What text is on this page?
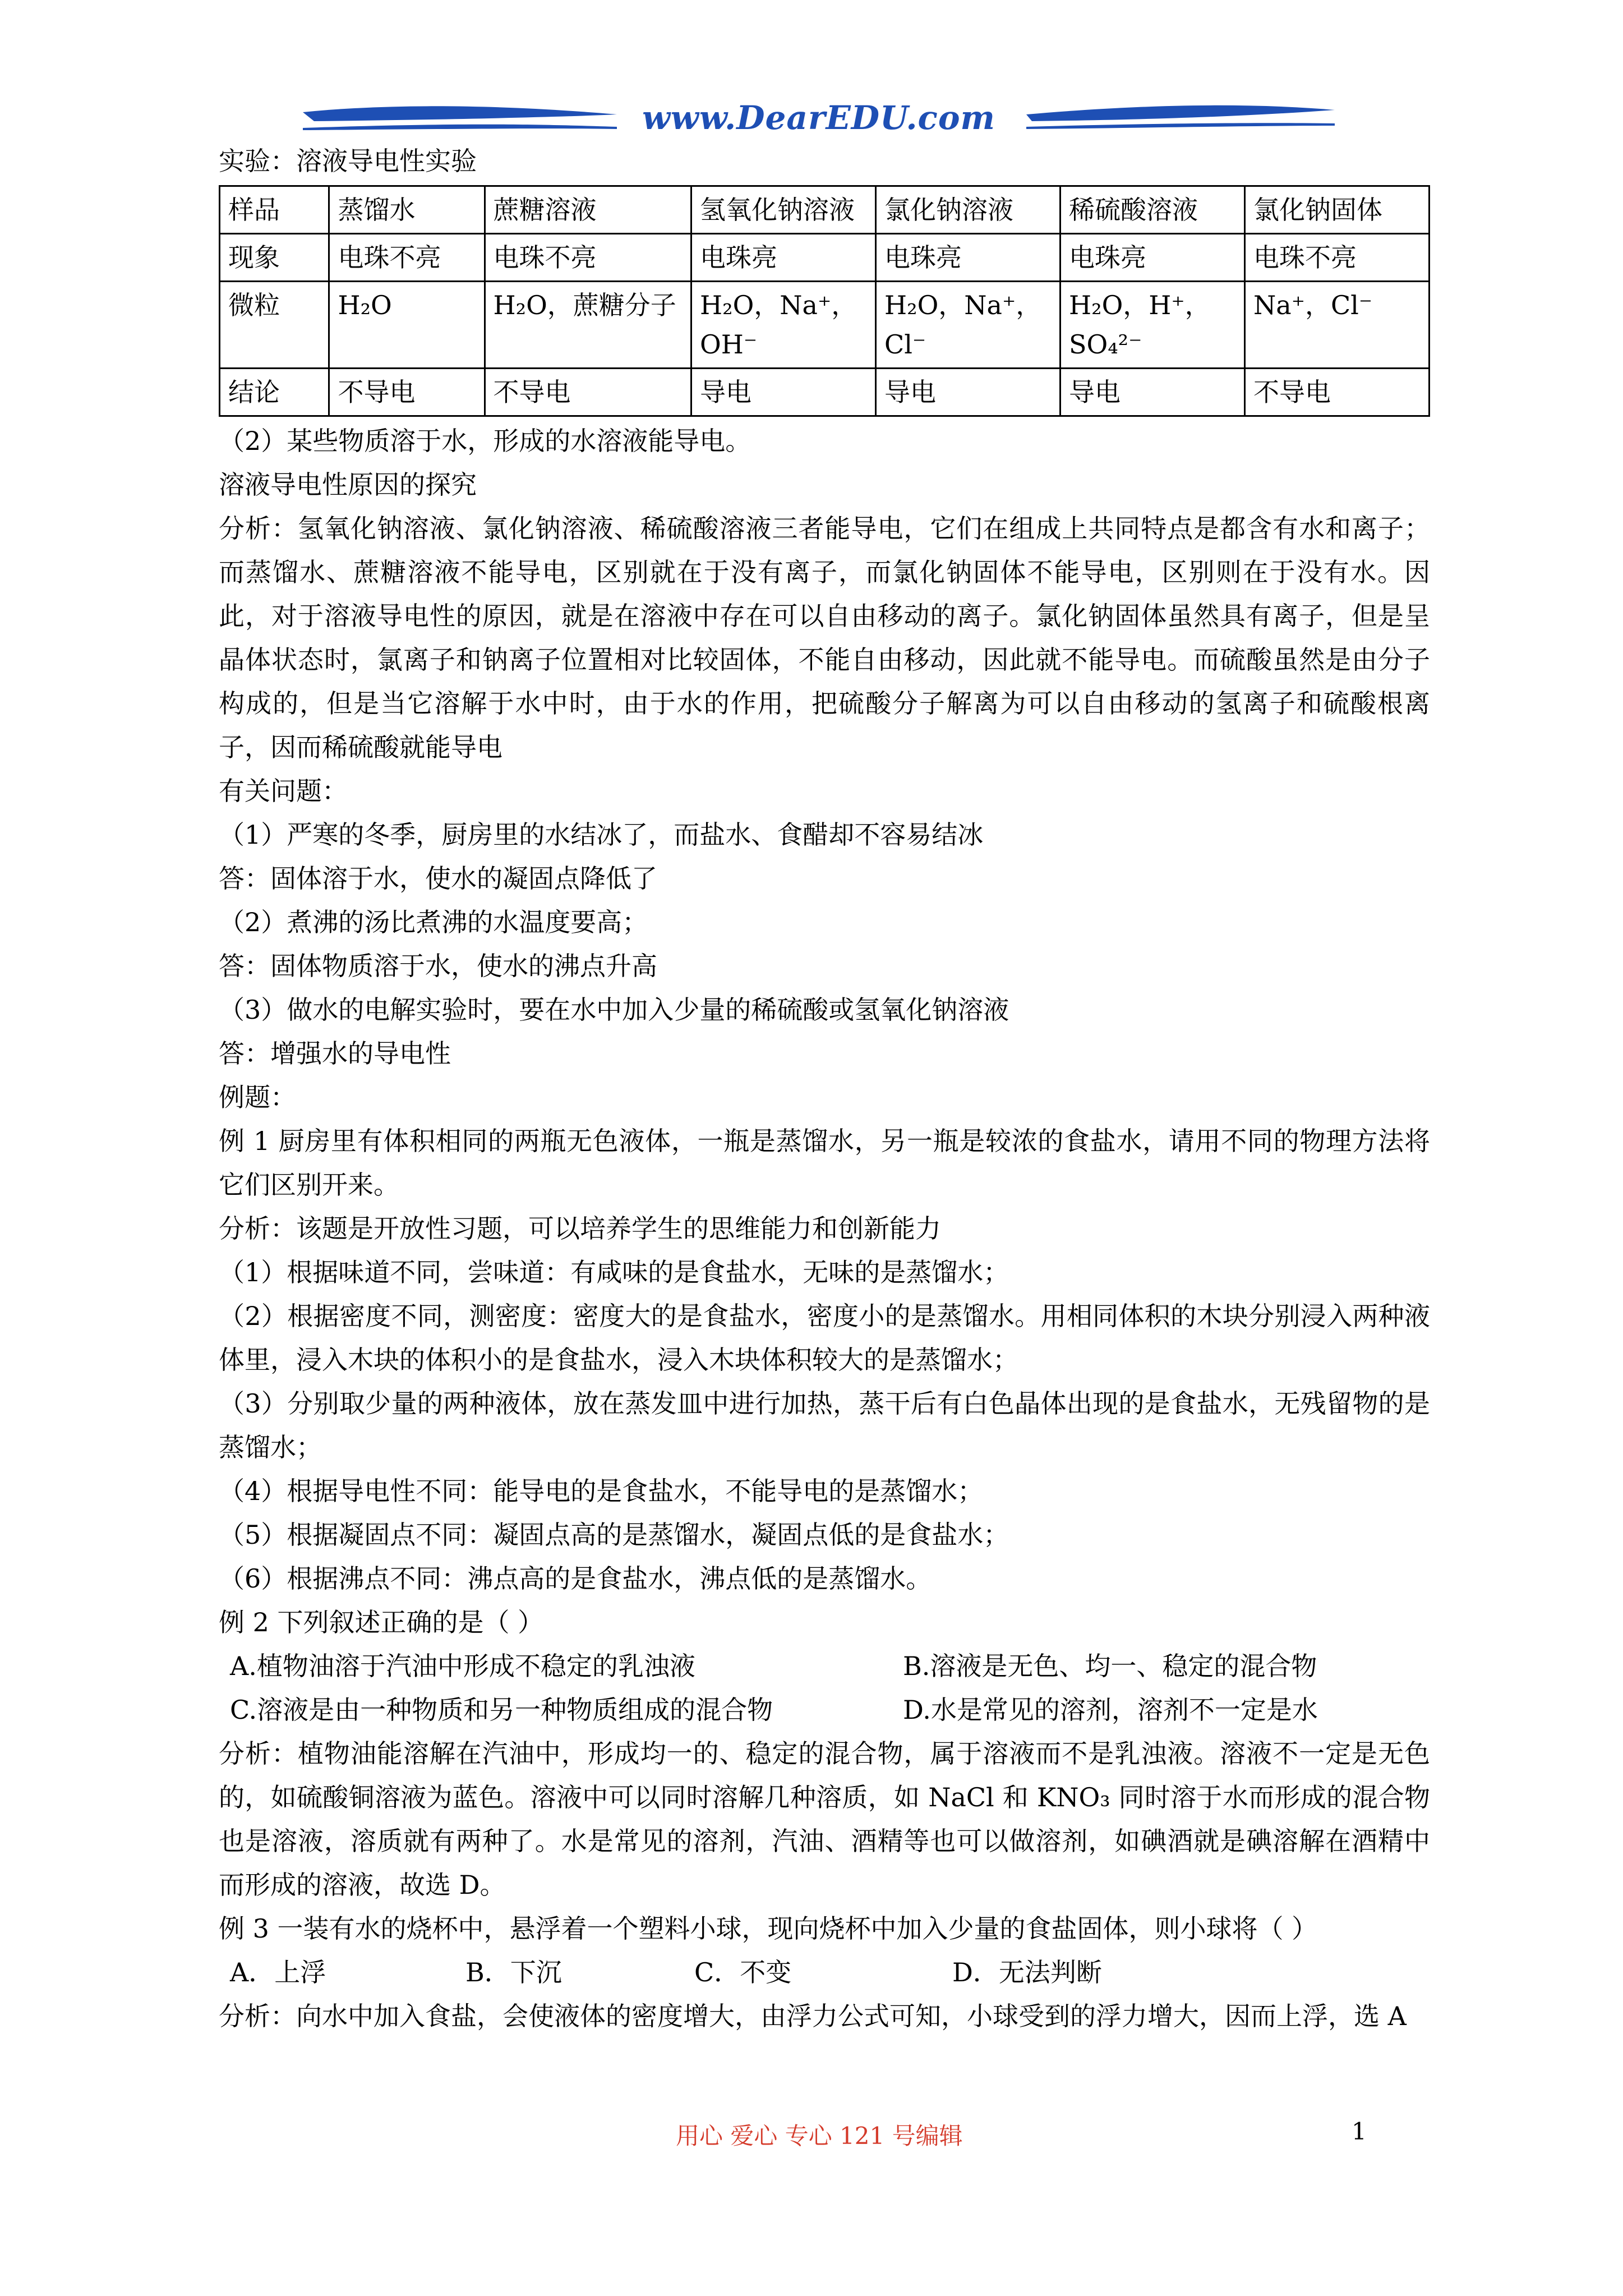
www.DearEDU.com
实验：溶液导电性实验
样品	蒸馏水	蔗糖溶液	氢氧化钠溶液	氯化钠溶液	稀硫酸溶液	氯化钠固体
现象	电珠不亮	电珠不亮	电珠亮	电珠亮	电珠亮	电珠不亮
微粒	H₂O	H₂O，蔗糖分子	H₂O，Na⁺，OH⁻	H₂O，Na⁺，Cl⁻	H₂O，H⁺，SO₄²⁻	Na⁺，Cl⁻
结论	不导电	不导电	导电	导电	导电	不导电
（2）某些物质溶于水，形成的水溶液能导电。
溶液导电性原因的探究
分析：氢氧化钠溶液、氯化钠溶液、稀硫酸溶液三者能导电，它们在组成上共同特点是都含有水和离子；而蒸馏水、蔗糖溶液不能导电，区别就在于没有离子，而氯化钠固体不能导电，区别则在于没有水。因此，对于溶液导电性的原因，就是在溶液中存在可以自由移动的离子。氯化钠固体虽然具有离子，但是呈晶体状态时，氯离子和钠离子位置相对比较固体，不能自由移动，因此就不能导电。而硫酸虽然是由分子构成的，但是当它溶解于水中时，由于水的作用，把硫酸分子解离为可以自由移动的氢离子和硫酸根离子，因而稀硫酸就能导电
有关问题：
（1）严寒的冬季，厨房里的水结冰了，而盐水、食醋却不容易结冰
答：固体溶于水，使水的凝固点降低了
（2）煮沸的汤比煮沸的水温度要高；
答：固体物质溶于水，使水的沸点升高
（3）做水的电解实验时，要在水中加入少量的稀硫酸或氢氧化钠溶液
答：增强水的导电性
例题：
例 1 厨房里有体积相同的两瓶无色液体，一瓶是蒸馏水，另一瓶是较浓的食盐水，请用不同的物理方法将它们区别开来。
分析：该题是开放性习题，可以培养学生的思维能力和创新能力
（1）根据味道不同，尝味道：有咸味的是食盐水，无味的是蒸馏水；
（2）根据密度不同，测密度：密度大的是食盐水，密度小的是蒸馏水。用相同体积的木块分别浸入两种液体里，浸入木块的体积小的是食盐水，浸入木块体积较大的是蒸馏水；
（3）分别取少量的两种液体，放在蒸发皿中进行加热，蒸干后有白色晶体出现的是食盐水，无残留物的是蒸馏水；
（4）根据导电性不同：能导电的是食盐水，不能导电的是蒸馏水；
（5）根据凝固点不同：凝固点高的是蒸馏水，凝固点低的是食盐水；
（6）根据沸点不同：沸点高的是食盐水，沸点低的是蒸馏水。
例 2 下列叙述正确的是（ ）
A.植物油溶于汽油中形成不稳定的乳浊液	B.溶液是无色、均一、稳定的混合物
C.溶液是由一种物质和另一种物质组成的混合物	D.水是常见的溶剂，溶剂不一定是水
分析：植物油能溶解在汽油中，形成均一的、稳定的混合物，属于溶液而不是乳浊液。溶液不一定是无色的，如硫酸铜溶液为蓝色。溶液中可以同时溶解几种溶质，如 NaCl 和 KNO₃ 同时溶于水而形成的混合物也是溶液，溶质就有两种了。水是常见的溶剂，汽油、酒精等也可以做溶剂，如碘酒就是碘溶解在酒精中而形成的溶液，故选 D。
例 3 一装有水的烧杯中，悬浮着一个塑料小球，现向烧杯中加入少量的食盐固体，则小球将（ ）
A．上浮	B．下沉	C．不变	D．无法判断
分析：向水中加入食盐，会使液体的密度增大，由浮力公式可知，小球受到的浮力增大，因而上浮，选 A
用心 爱心 专心 121 号编辑	1
